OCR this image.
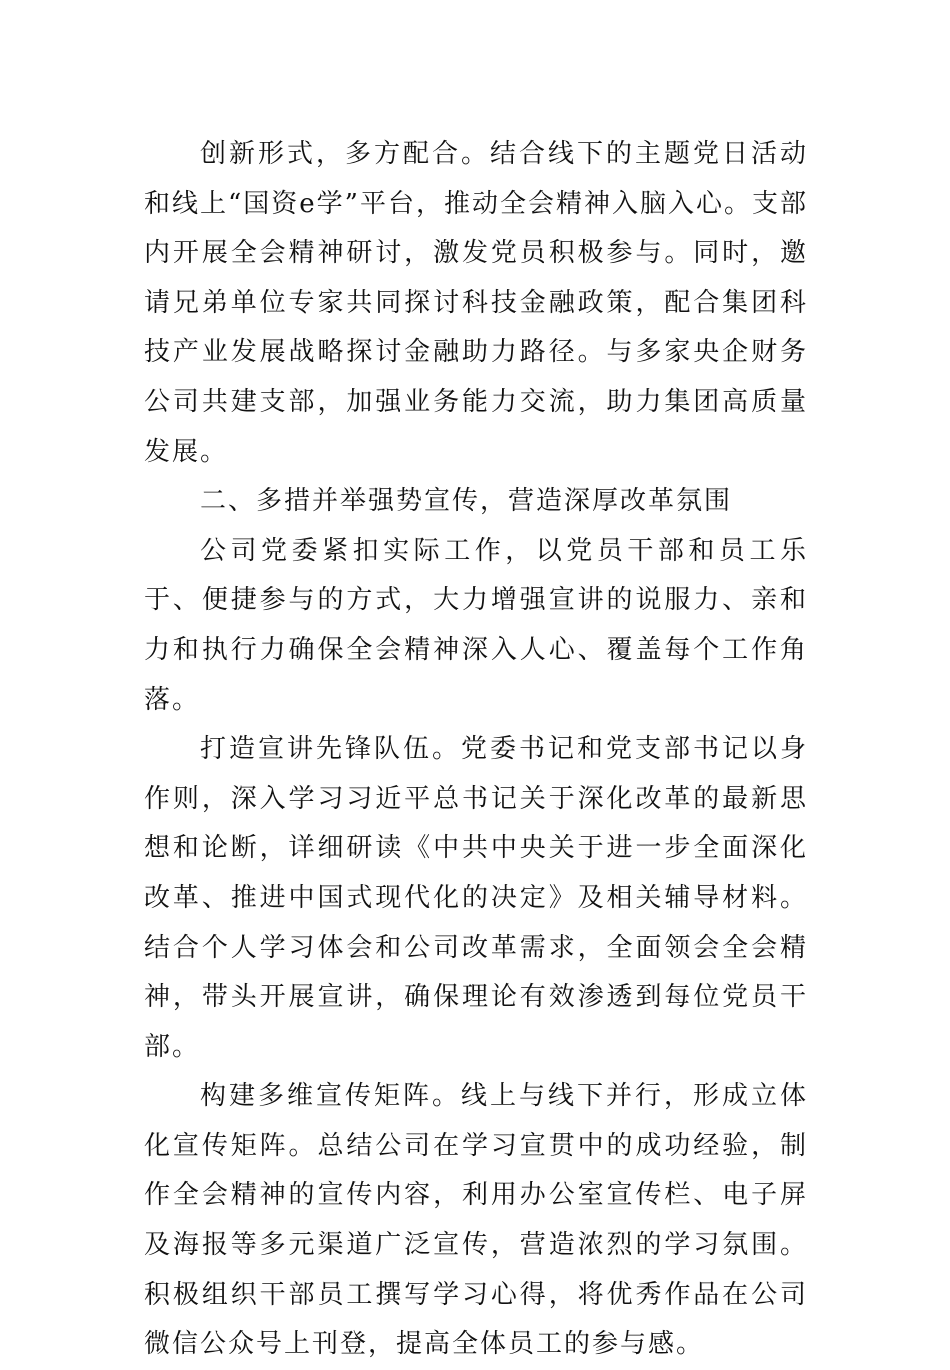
创新形式，多方配合。结合线下的主题党日活动和线上“国资e学”平台，推动全会精神入脑入心。支部内开展全会精神研讨，激发党员积极参与。同时，邀请兄弟单位专家共同探讨科技金融政策，配合集团科技产业发展战略探讨金融助力路径。与多家央企财务公司共建支部，加强业务能力交流，助力集团高质量发展。

二、多措并举强势宣传，营造深厚改革氛围

公司党委紧扣实际工作，以党员干部和员工乐于、便捷参与的方式，大力增强宣讲的说服力、亲和力和执行力确保全会精神深入人心、覆盖每个工作角落。

打造宣讲先锋队伍。党委书记和党支部书记以身作则，深入学习习近平总书记关于深化改革的最新思想和论断，详细研读《中共中央关于进一步全面深化改革、推进中国式现代化的决定》及相关辅导材料。结合个人学习体会和公司改革需求，全面领会全会精神，带头开展宣讲，确保理论有效渗透到每位党员干部。

构建多维宣传矩阵。线上与线下并行，形成立体化宣传矩阵。总结公司在学习宣贯中的成功经验，制作全会精神的宣传内容，利用办公室宣传栏、电子屏及海报等多元渠道广泛宣传，营造浓烈的学习氛围。积极组织干部员工撰写学习心得，将优秀作品在公司微信公众号上刊登，提高全体员工的参与感。
